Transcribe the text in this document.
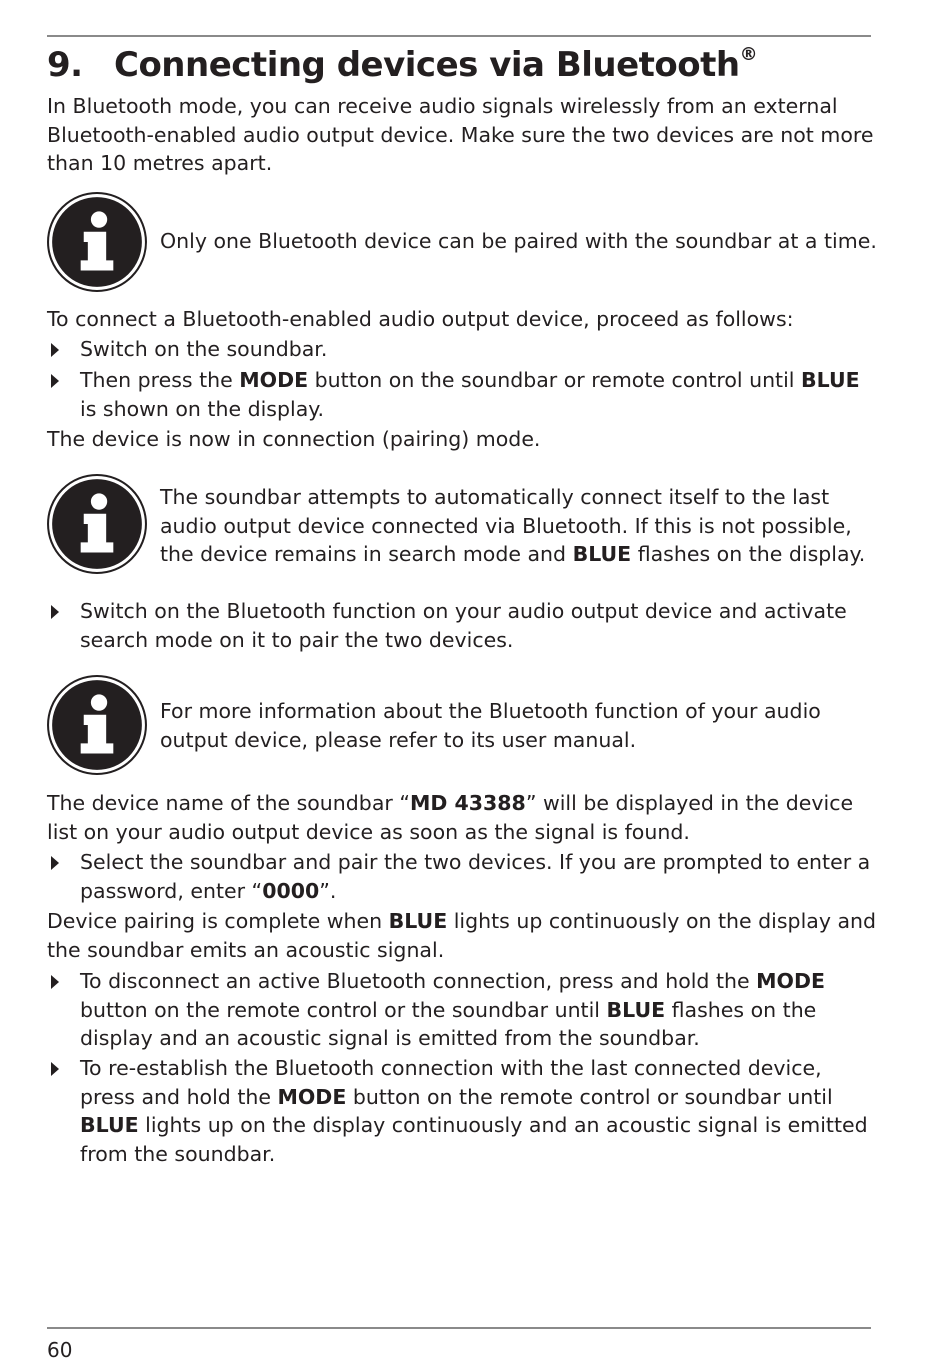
9. Connecting devices via Bluetooth®

In Bluetooth mode, you can receive audio signals wirelessly from an external Bluetooth-enabled audio output device. Make sure the two devices are not more than 10 metres apart.

Only one Bluetooth device can be paired with the soundbar at a time.

To connect a Bluetooth-enabled audio output device, proceed as follows:

Switch on the soundbar.
Then press the MODE button on the soundbar or remote control until BLUE is shown on the display.

The device is now in connection (pairing) mode.

The soundbar attempts to automatically connect itself to the last audio output device connected via Bluetooth. If this is not possible, the device remains in search mode and BLUE flashes on the display.

Switch on the Bluetooth function on your audio output device and activate search mode on it to pair the two devices.

For more information about the Bluetooth function of your audio output device, please refer to its user manual.

The device name of the soundbar “MD 43388” will be displayed in the device list on your audio output device as soon as the signal is found.

Select the soundbar and pair the two devices. If you are prompted to enter a password, enter “0000”.

Device pairing is complete when BLUE lights up continuously on the display and the soundbar emits an acoustic signal.

To disconnect an active Bluetooth connection, press and hold the MODE button on the remote control or the soundbar until BLUE flashes on the display and an acoustic signal is emitted from the soundbar.
To re-establish the Bluetooth connection with the last connected device, press and hold the MODE button on the remote control or soundbar until BLUE lights up on the display continuously and an acoustic signal is emitted from the soundbar.

60
